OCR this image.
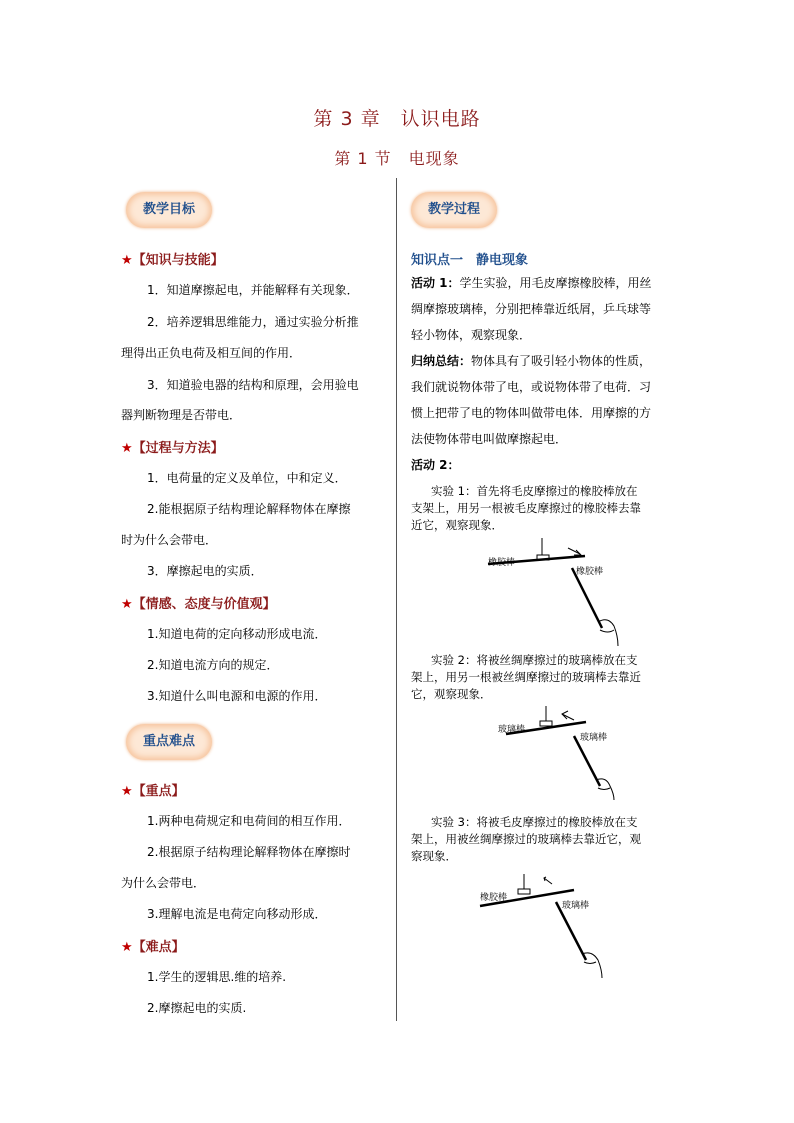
第 3 章　认识电路
第 1 节　电现象
教学目标
★【知识与技能】
1．知道摩擦起电，并能解释有关现象．
2．培养逻辑思维能力，通过实验分析推
理得出正负电荷及相互间的作用．
3．知道验电器的结构和原理，会用验电
器判断物理是否带电．
★【过程与方法】
1．电荷量的定义及单位，中和定义．
2.能根据原子结构理论解释物体在摩擦
时为什么会带电．
3．摩擦起电的实质．
★【情感、态度与价值观】
1.知道电荷的定向移动形成电流．
2.知道电流方向的规定．
3.知道什么叫电源和电源的作用．
重点难点
★【重点】
1.两种电荷规定和电荷间的相互作用．
2.根据原子结构理论解释物体在摩擦时
为什么会带电．
3.理解电流是电荷定向移动形成．
★【难点】
1.学生的逻辑思.维的培养.
2.摩擦起电的实质.
教学过程
知识点一　静电现象
活动 1：学生实验，用毛皮摩擦橡胶棒，用丝
绸摩擦玻璃棒，分别把棒靠近纸屑，乒乓球等
轻小物体，观察现象．
归纳总结：物体具有了吸引轻小物体的性质，
我们就说物体带了电，或说物体带了电荷．习
惯上把带了电的物体叫做带电体．用摩擦的方
法使物体带电叫做摩擦起电．
活动 2：
实验 1：首先将毛皮摩擦过的橡胶棒放在
支架上，用另一根被毛皮摩擦过的橡胶棒去靠
近它，观察现象．
橡胶棒
橡胶棒
实验 2：将被丝绸摩擦过的玻璃棒放在支
架上，用另一根被丝绸摩擦过的玻璃棒去靠近
它，观察现象．
玻璃棒
玻璃棒
实验 3：将被毛皮摩擦过的橡胶棒放在支
架上，用被丝绸摩擦过的玻璃棒去靠近它，观
察现象．
橡胶棒
玻璃棒
